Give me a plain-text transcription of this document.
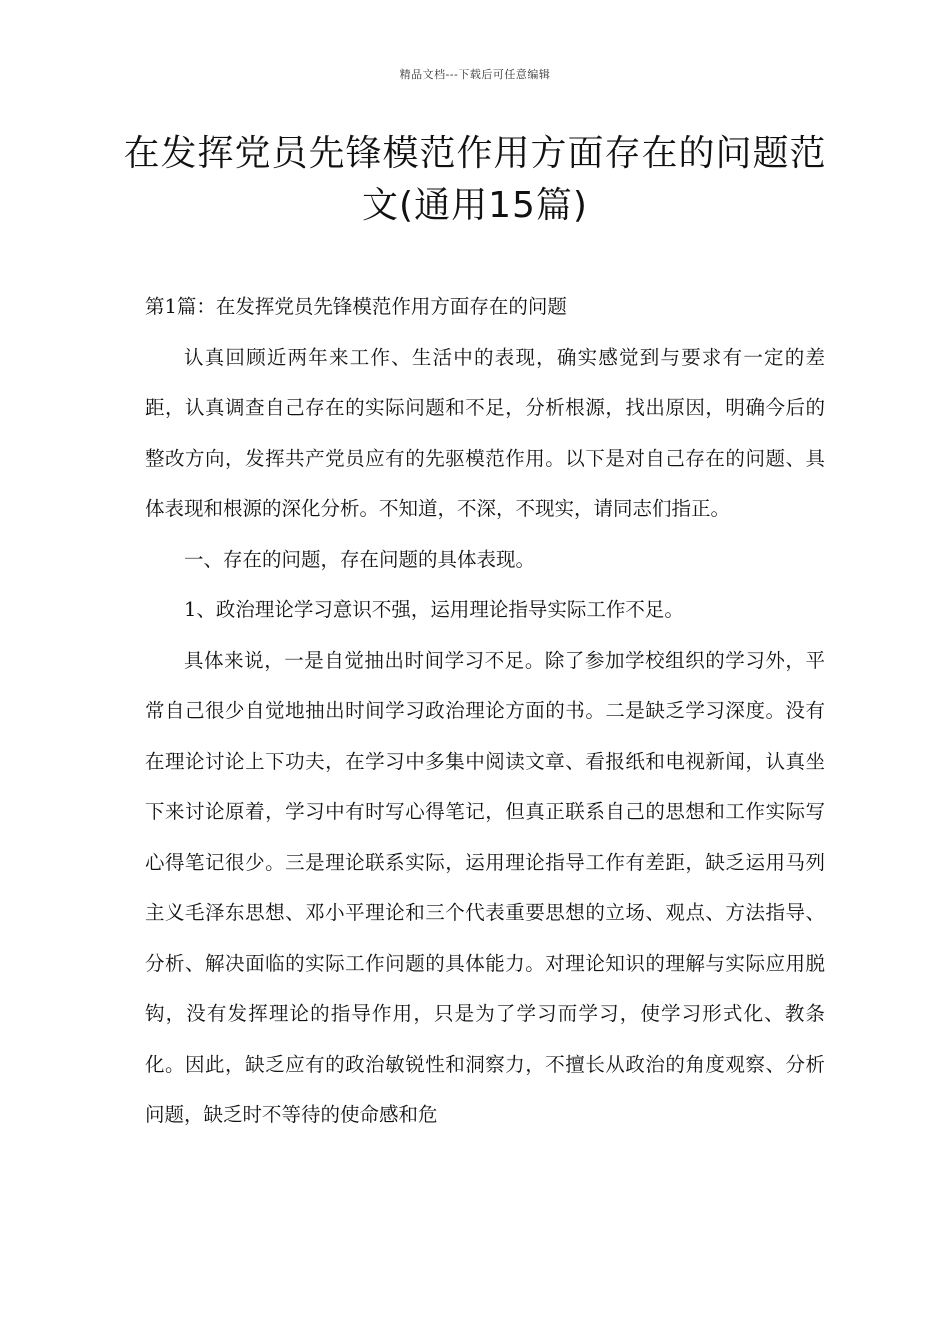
精品文档---下载后可任意编辑
在发挥党员先锋模范作用方面存在的问题范文(通用15篇)

第1篇：在发挥党员先锋模范作用方面存在的问题

认真回顾近两年来工作、生活中的表现，确实感觉到与要求有一定的差距，认真调查自己存在的实际问题和不足，分析根源，找出原因，明确今后的整改方向，发挥共产党员应有的先驱模范作用。以下是对自己存在的问题、具体表现和根源的深化分析。不知道，不深，不现实，请同志们指正。

一、存在的问题，存在问题的具体表现。

1、政治理论学习意识不强，运用理论指导实际工作不足。

具体来说，一是自觉抽出时间学习不足。除了参加学校组织的学习外，平常自己很少自觉地抽出时间学习政治理论方面的书。二是缺乏学习深度。没有在理论讨论上下功夫，在学习中多集中阅读文章、看报纸和电视新闻，认真坐下来讨论原着，学习中有时写心得笔记，但真正联系自己的思想和工作实际写心得笔记很少。三是理论联系实际，运用理论指导工作有差距，缺乏运用马列主义毛泽东思想、邓小平理论和三个代表重要思想的立场、观点、方法指导、分析、解决面临的实际工作问题的具体能力。对理论知识的理解与实际应用脱钩，没有发挥理论的指导作用，只是为了学习而学习，使学习形式化、教条化。因此，缺乏应有的政治敏锐性和洞察力，不擅长从政治的角度观察、分析问题，缺乏时不等待的使命感和危
